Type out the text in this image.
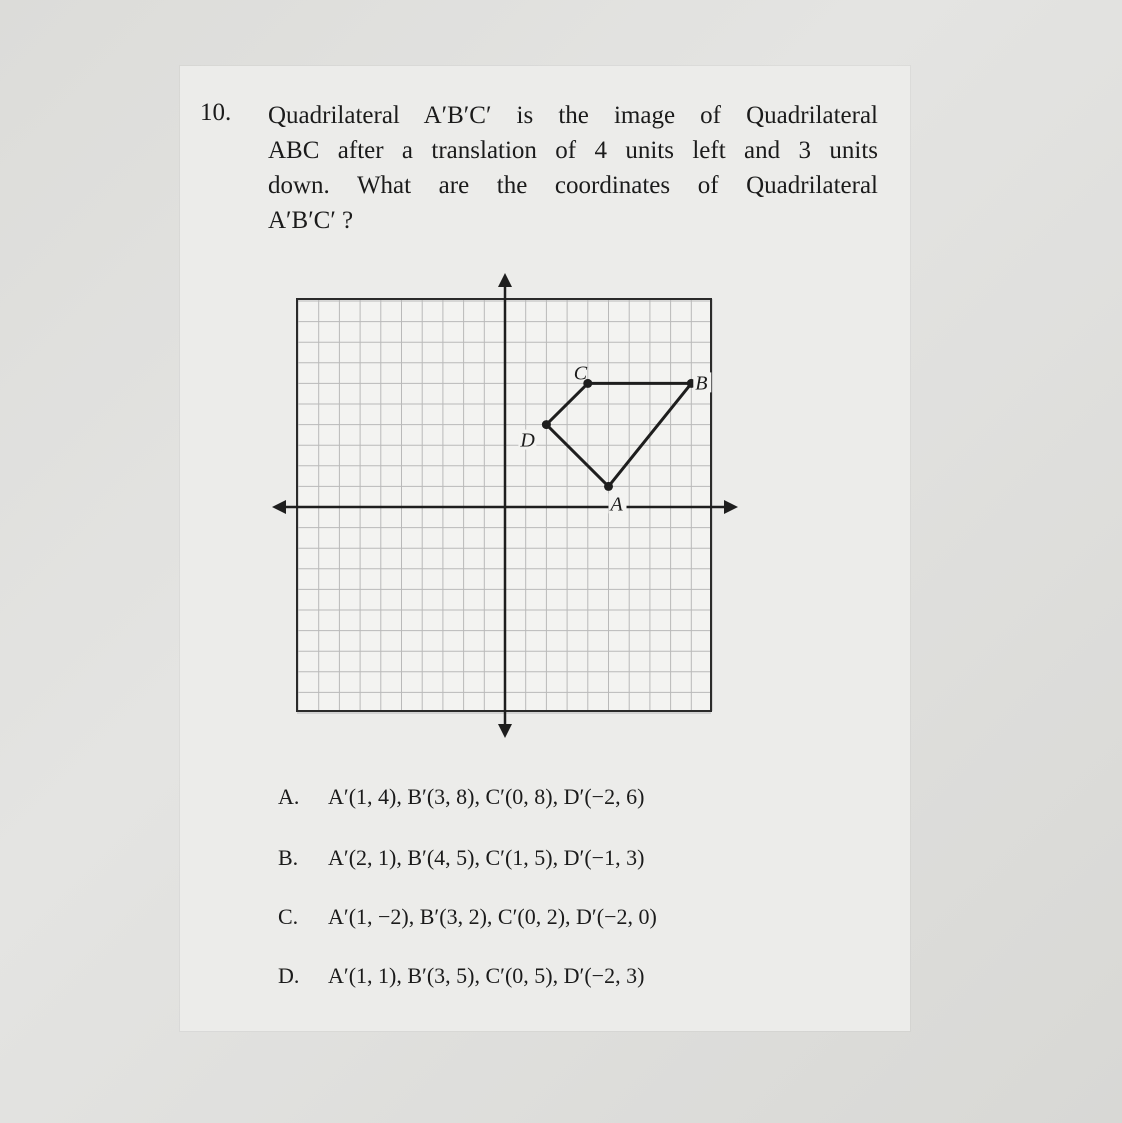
10. Quadrilateral A′B′C′ is the image of Quadrilateral
ABC after a translation of 4 units left and 3 units
down. What are the coordinates of Quadrilateral
A′B′C′ ?

A
B
C
D
A. A′(1, 4), B′(3, 8), C′(0, 8), D′(−2, 6)
B. A′(2, 1), B′(4, 5), C′(1, 5), D′(−1, 3)
C. A′(1, −2), B′(3, 2), C′(0, 2), D′(−2, 0)
D. A′(1, 1), B′(3, 5), C′(0, 5), D′(−2, 3)
